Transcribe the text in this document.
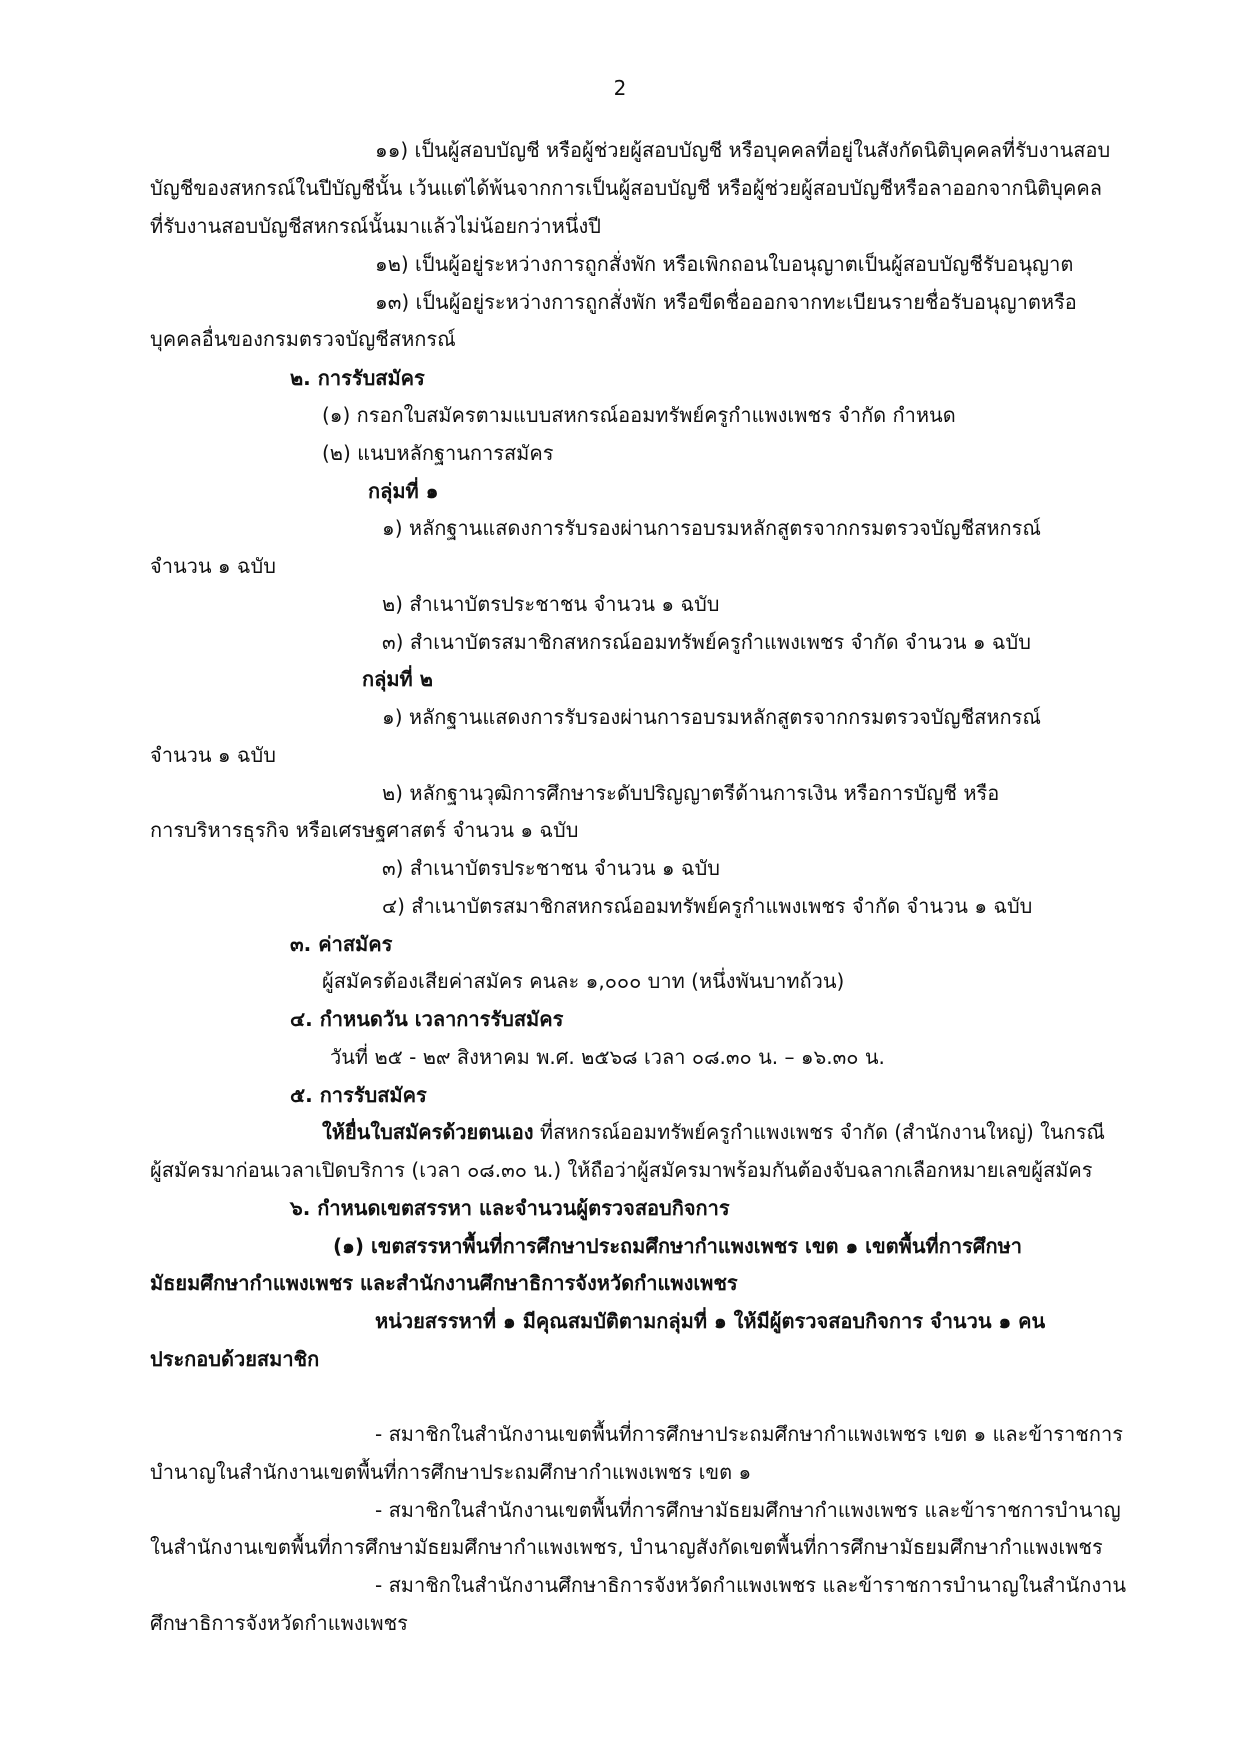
2
๑๑) เป็นผู้สอบบัญชี หรือผู้ช่วยผู้สอบบัญชี หรือบุคคลที่อยู่ในสังกัดนิติบุคคลที่รับงานสอบ
บัญชีของสหกรณ์ในปีบัญชีนั้น เว้นแต่ได้พ้นจากการเป็นผู้สอบบัญชี หรือผู้ช่วยผู้สอบบัญชีหรือลาออกจากนิติบุคคล
ที่รับงานสอบบัญชีสหกรณ์นั้นมาแล้วไม่น้อยกว่าหนึ่งปี
๑๒) เป็นผู้อยู่ระหว่างการถูกสั่งพัก หรือเพิกถอนใบอนุญาตเป็นผู้สอบบัญชีรับอนุญาต
๑๓) เป็นผู้อยู่ระหว่างการถูกสั่งพัก หรือขีดชื่อออกจากทะเบียนรายชื่อรับอนุญาตหรือ
บุคคลอื่นของกรมตรวจบัญชีสหกรณ์
๒. การรับสมัคร
(๑) กรอกใบสมัครตามแบบสหกรณ์ออมทรัพย์ครูกำแพงเพชร จำกัด กำหนด
(๒) แนบหลักฐานการสมัคร
กลุ่มที่ ๑
๑) หลักฐานแสดงการรับรองผ่านการอบรมหลักสูตรจากกรมตรวจบัญชีสหกรณ์
จำนวน ๑ ฉบับ
๒) สำเนาบัตรประชาชน จำนวน ๑ ฉบับ
๓) สำเนาบัตรสมาชิกสหกรณ์ออมทรัพย์ครูกำแพงเพชร จำกัด จำนวน ๑ ฉบับ
กลุ่มที่ ๒
๑) หลักฐานแสดงการรับรองผ่านการอบรมหลักสูตรจากกรมตรวจบัญชีสหกรณ์
จำนวน ๑ ฉบับ
๒) หลักฐานวุฒิการศึกษาระดับปริญญาตรีด้านการเงิน หรือการบัญชี หรือ
การบริหารธุรกิจ หรือเศรษฐศาสตร์ จำนวน ๑ ฉบับ
๓) สำเนาบัตรประชาชน จำนวน ๑ ฉบับ
๔) สำเนาบัตรสมาชิกสหกรณ์ออมทรัพย์ครูกำแพงเพชร จำกัด จำนวน ๑ ฉบับ
๓. ค่าสมัคร
ผู้สมัครต้องเสียค่าสมัคร คนละ ๑,๐๐๐ บาท (หนึ่งพันบาทถ้วน)
๔. กำหนดวัน เวลาการรับสมัคร
วันที่ ๒๕ - ๒๙ สิงหาคม พ.ศ. ๒๕๖๘ เวลา ๐๘.๓๐ น. – ๑๖.๓๐ น.
๕. การรับสมัคร
ให้ยื่นใบสมัครด้วยตนเอง ที่สหกรณ์ออมทรัพย์ครูกำแพงเพชร จำกัด (สำนักงานใหญ่) ในกรณี
ผู้สมัครมาก่อนเวลาเปิดบริการ (เวลา ๐๘.๓๐ น.) ให้ถือว่าผู้สมัครมาพร้อมกันต้องจับฉลากเลือกหมายเลขผู้สมัคร
๖. กำหนดเขตสรรหา และจำนวนผู้ตรวจสอบกิจการ
(๑) เขตสรรหาพื้นที่การศึกษาประถมศึกษากำแพงเพชร เขต ๑ เขตพื้นที่การศึกษา
มัธยมศึกษากำแพงเพชร และสำนักงานศึกษาธิการจังหวัดกำแพงเพชร
หน่วยสรรหาที่ ๑ มีคุณสมบัติตามกลุ่มที่ ๑ ให้มีผู้ตรวจสอบกิจการ จำนวน ๑ คน
ประกอบด้วยสมาชิก
- สมาชิกในสำนักงานเขตพื้นที่การศึกษาประถมศึกษากำแพงเพชร เขต ๑ และข้าราชการ
บำนาญในสำนักงานเขตพื้นที่การศึกษาประถมศึกษากำแพงเพชร เขต ๑
- สมาชิกในสำนักงานเขตพื้นที่การศึกษามัธยมศึกษากำแพงเพชร และข้าราชการบำนาญ
ในสำนักงานเขตพื้นที่การศึกษามัธยมศึกษากำแพงเพชร, บำนาญสังกัดเขตพื้นที่การศึกษามัธยมศึกษากำแพงเพชร
- สมาชิกในสำนักงานศึกษาธิการจังหวัดกำแพงเพชร และข้าราชการบำนาญในสำนักงาน
ศึกษาธิการจังหวัดกำแพงเพชร
